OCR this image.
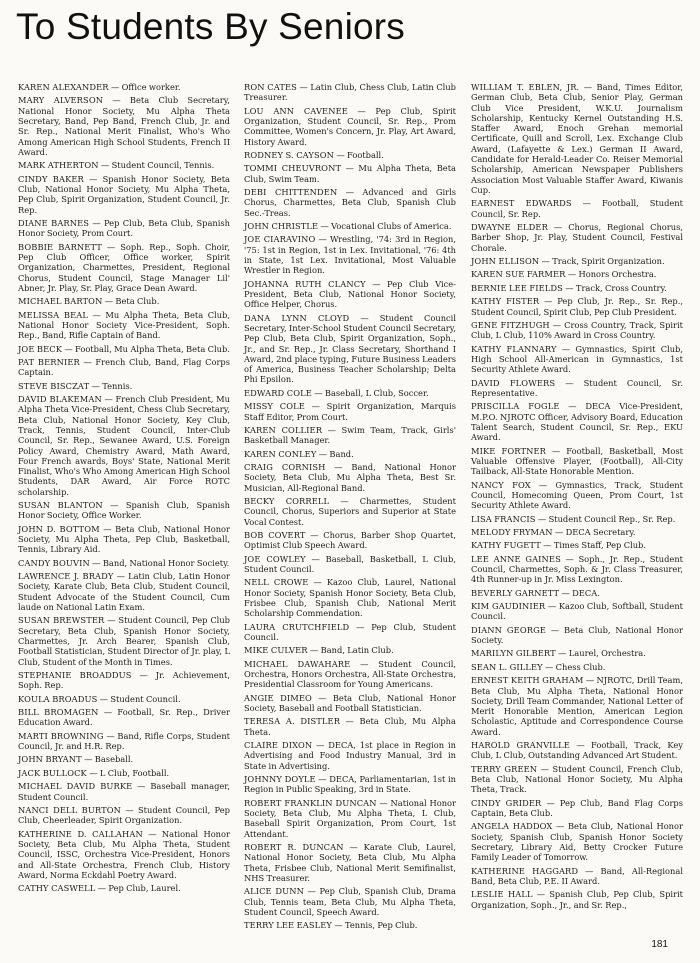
To Students By Seniors

KAREN ALEXANDER — Office worker.

MARY ALVERSON — Beta Club Secretary, National Honor Society, Mu Alpha Theta Secretary, Band, Pep Band, French Club, Jr. and Sr. Rep., National Merit Finalist, Who's Who Among American High School Students, French II Award.

MARK ATHERTON — Student Council, Tennis.

CINDY BAKER — Spanish Honor Society, Beta Club, National Honor Society, Mu Alpha Theta, Pep Club, Spirit Organization, Student Council, Jr. Rep.

DIANE BARNES — Pep Club, Beta Club, Spanish Honor Society, Prom Court.

BOBBIE BARNETT — Soph. Rep., Soph. Choir, Pep Club Officer, Office worker, Spirit Organization, Charmettes, President, Regional Chorus, Student Council, Stage Manager Lil' Abner, Jr. Play, Sr. Play, Grace Dean Award.

MICHAEL BARTON — Beta Club.

MELISSA BEAL — Mu Alpha Theta, Beta Club, National Honor Society Vice-President, Soph. Rep., Band, Rifle Captain of Band.

JOE BECK — Football, Mu Alpha Theta, Beta Club.

PAT BERNIER — French Club, Band, Flag Corps Captain.

STEVE BISCZAT — Tennis.

DAVID BLAKEMAN — French Club President, Mu Alpha Theta Vice-President, Chess Club Secretary, Beta Club, National Honor Society, Key Club, Track, Tennis, Student Council, Inter-Club Council, Sr. Rep., Sewanee Award, U.S. Foreign Policy Award, Chemistry Award, Math Award, Four French awards, Boys' State, National Merit Finalist, Who's Who Among American High School Students, DAR Award, Air Force ROTC scholarship.

SUSAN BLANTON — Spanish Club, Spanish Honor Society, Office Worker.

JOHN D. BOTTOM — Beta Club, National Honor Society, Mu Alpha Theta, Pep Club, Basketball, Tennis, Library Aid.

CANDY BOUVIN — Band, National Honor Society.

LAWRENCE J. BRADY — Latin Club, Latin Honor Society, Karate Club, Beta Club, Student Council, Student Advocate of the Student Council, Cum laude on National Latin Exam.

SUSAN BREWSTER — Student Council, Pep Club Secretary, Beta Club, Spanish Honor Society, Charmettes, Jr. Arch Bearer, Spanish Club, Football Statistician, Student Director of Jr. play, L Club, Student of the Month in Times.

STEPHANIE BROADDUS — Jr. Achievement, Soph. Rep.

KOULA BROADUS — Student Council.

BILL BROMAGEN — Football, Sr. Rep., Driver Education Award.

MARTI BROWNING — Band, Rifle Corps, Student Council, Jr. and H.R. Rep.

JOHN BRYANT — Baseball.

JACK BULLOCK — L Club, Football.

MICHAEL DAVID BURKE — Baseball manager, Student Council.

NANCI DELL BURTON — Student Council, Pep Club, Cheerleader, Spirit Organization.

KATHERINE D. CALLAHAN — National Honor Society, Beta Club, Mu Alpha Theta, Student Council, ISSC, Orchestra Vice-President, Honors and All-State Orchestra, French Club, History Award, Norma Eckdahl Poetry Award.

CATHY CASWELL — Pep Club, Laurel.

RON CATES — Latin Club, Chess Club, Latin Club Treasurer.

LOU ANN CAVENEE — Pep Club, Spirit Organization, Student Council, Sr. Rep., Prom Committee, Women's Concern, Jr. Play, Art Award, History Award.

RODNEY S. CAYSON — Football.

TOMMI CHEUVRONT — Mu Alpha Theta, Beta Club, Swim Team.

DEBI CHITTENDEN — Advanced and Girls Chorus, Charmettes, Beta Club, Spanish Club Sec.-Treas.

JOHN CHRISTLE — Vocational Clubs of America.

JOE CIARAVINO — Wrestling, '74: 3rd in Region, '75: 1st in Region, 1st in Lex. Invitational, '76: 4th in State, 1st Lex. Invitational, Most Valuable Wrestler in Region.

JOHANNA RUTH CLANCY — Pep Club Vice-President, Beta Club, National Honor Society, Office Helper, Chorus.

DANA LYNN CLOYD — Student Council Secretary, Inter-School Student Council Secretary, Pep Club, Beta Club, Spirit Organization, Soph., Jr., and Sr. Rep., Jr. Class Secretary, Shorthand I Award, 2nd place typing, Future Business Leaders of America, Business Teacher Scholarship; Delta Phi Epsilon.

EDWARD COLE — Baseball, L Club, Soccer.

MISSY COLE — Spirit Organization, Marquis Staff Editor, Prom Court.

KAREN COLLIER — Swim Team, Track, Girls' Basketball Manager.

KAREN CONLEY — Band.

CRAIG CORNISH — Band, National Honor Society, Beta Club, Mu Alpha Theta, Best Sr. Musician, All-Regional Band.

BECKY CORRELL — Charmettes, Student Council, Chorus, Superiors and Superior at State Vocal Contest.

BOB COVERT — Chorus, Barber Shop Quartet, Optimist Club Speech Award.

JOE COWLEY — Baseball, Basketball, L Club, Student Council.

NELL CROWE — Kazoo Club, Laurel, National Honor Society, Spanish Honor Society, Beta Club, Frisbee Club, Spanish Club, National Merit Scholarship Commendation.

LAURA CRUTCHFIELD — Pep Club, Student Council.

MIKE CULVER — Band, Latin Club.

MICHAEL DAWAHARE — Student Council, Orchestra, Honors Orchestra, All-State Orchestra, Presidential Classroom for Young Americans.

ANGIE DIMEO — Beta Club, National Honor Society, Baseball and Football Statistician.

TERESA A. DISTLER — Beta Club, Mu Alpha Theta.

CLAIRE DIXON — DECA, 1st place in Region in Advertising and Food Industry Manual, 3rd in State in Advertising.

JOHNNY DOYLE — DECA, Parliamentarian, 1st in Region in Public Speaking, 3rd in State.

ROBERT FRANKLIN DUNCAN — National Honor Society, Beta Club, Mu Alpha Theta, L Club, Baseball Spirit Organization, Prom Court, 1st Attendant.

ROBERT R. DUNCAN — Karate Club, Laurel, National Honor Society, Beta Club, Mu Alpha Theta, Frisbee Club, National Merit Semifinalist, NHS Treasurer.

ALICE DUNN — Pep Club, Spanish Club, Drama Club, Tennis team, Beta Club, Mu Alpha Theta, Student Council, Speech Award.

TERRY LEE EASLEY — Tennis, Pep Club.

WILLIAM T. EBLEN, JR. — Band, Times Editor, German Club, Beta Club, Senior Play, German Club Vice President, W.K.U. Journalism Scholarship, Kentucky Kernel Outstanding H.S. Staffer Award, Enoch Grehan memorial Certificate, Quill and Scroll, Lex. Exchange Club Award, (Lafayette & Lex.) German II Award, Candidate for Herald-Leader Co. Reiser Memorial Scholarship, American Newspaper Publishers Association Most Valuable Staffer Award, Kiwanis Cup.

EARNEST EDWARDS — Football, Student Council, Sr. Rep.

DWAYNE ELDER — Chorus, Regional Chorus, Barber Shop, Jr. Play, Student Council, Festival Chorale.

JOHN ELLISON — Track, Spirit Organization.

KAREN SUE FARMER — Honors Orchestra.

BERNIE LEE FIELDS — Track, Cross Country.

KATHY FISTER — Pep Club, Jr. Rep., Sr. Rep., Student Council, Spirit Club, Pep Club President.

GENE FITZHUGH — Cross Country, Track, Spirit Club, L Club, 110% Award in Cross Country.

KATHY FLANNARY — Gymnastics, Spirit Club, High School All-American in Gymnastics, 1st Security Athlete Award.

DAVID FLOWERS — Student Council, Sr. Representative.

PRISCILLA FOGLE — DECA Vice-President, M.P.O. NJROTC Officer, Advisory Board, Education Talent Search, Student Council, Sr. Rep., EKU Award.

MIKE FORTNER — Football, Basketball, Most Valuable Offensive Player, (Football), All-City Tailback, All-State Honorable Mention.

NANCY FOX — Gymnastics, Track, Student Council, Homecoming Queen, Prom Court, 1st Security Athlete Award.

LISA FRANCIS — Student Council Rep., Sr. Rep.

MELODY FRYMAN — DECA Secretary.

KATHY FUGETT — Times Staff, Pep Club.

LEE ANNE GAINES — Soph., Jr. Rep., Student Council, Charmettes, Soph. & Jr. Class Treasurer, 4th Runner-up in Jr. Miss Lexington.

BEVERLY GARNETT — DECA.

KIM GAUDINIER — Kazoo Club, Softball, Student Council.

DIANN GEORGE — Beta Club, National Honor Society.

MARILYN GILBERT — Laurel, Orchestra.

SEAN L. GILLEY — Chess Club.

ERNEST KEITH GRAHAM — NJROTC, Drill Team, Beta Club, Mu Alpha Theta, National Honor Society, Drill Team Commander, National Letter of Merit Honorable Mention, American Legion Scholastic, Aptitude and Correspondence Course Award.

HAROLD GRANVILLE — Football, Track, Key Club, L Club, Outstanding Advanced Art Student.

TERRY GREEN — Student Council, French Club, Beta Club, National Honor Society, Mu Alpha Theta, Track.

CINDY GRIDER — Pep Club, Band Flag Corps Captain, Beta Club.

ANGELA HADDOX — Beta Club, National Honor Society, Spanish Club, Spanish Honor Society Secretary, Library Aid, Betty Crocker Future Family Leader of Tomorrow.

KATHERINE HAGGARD — Band, All-Regional Band, Beta Club, P.E. II Award.

LESLIE HALL — Spanish Club, Pep Club, Spirit Organization, Soph., Jr., and Sr. Rep.,

181
